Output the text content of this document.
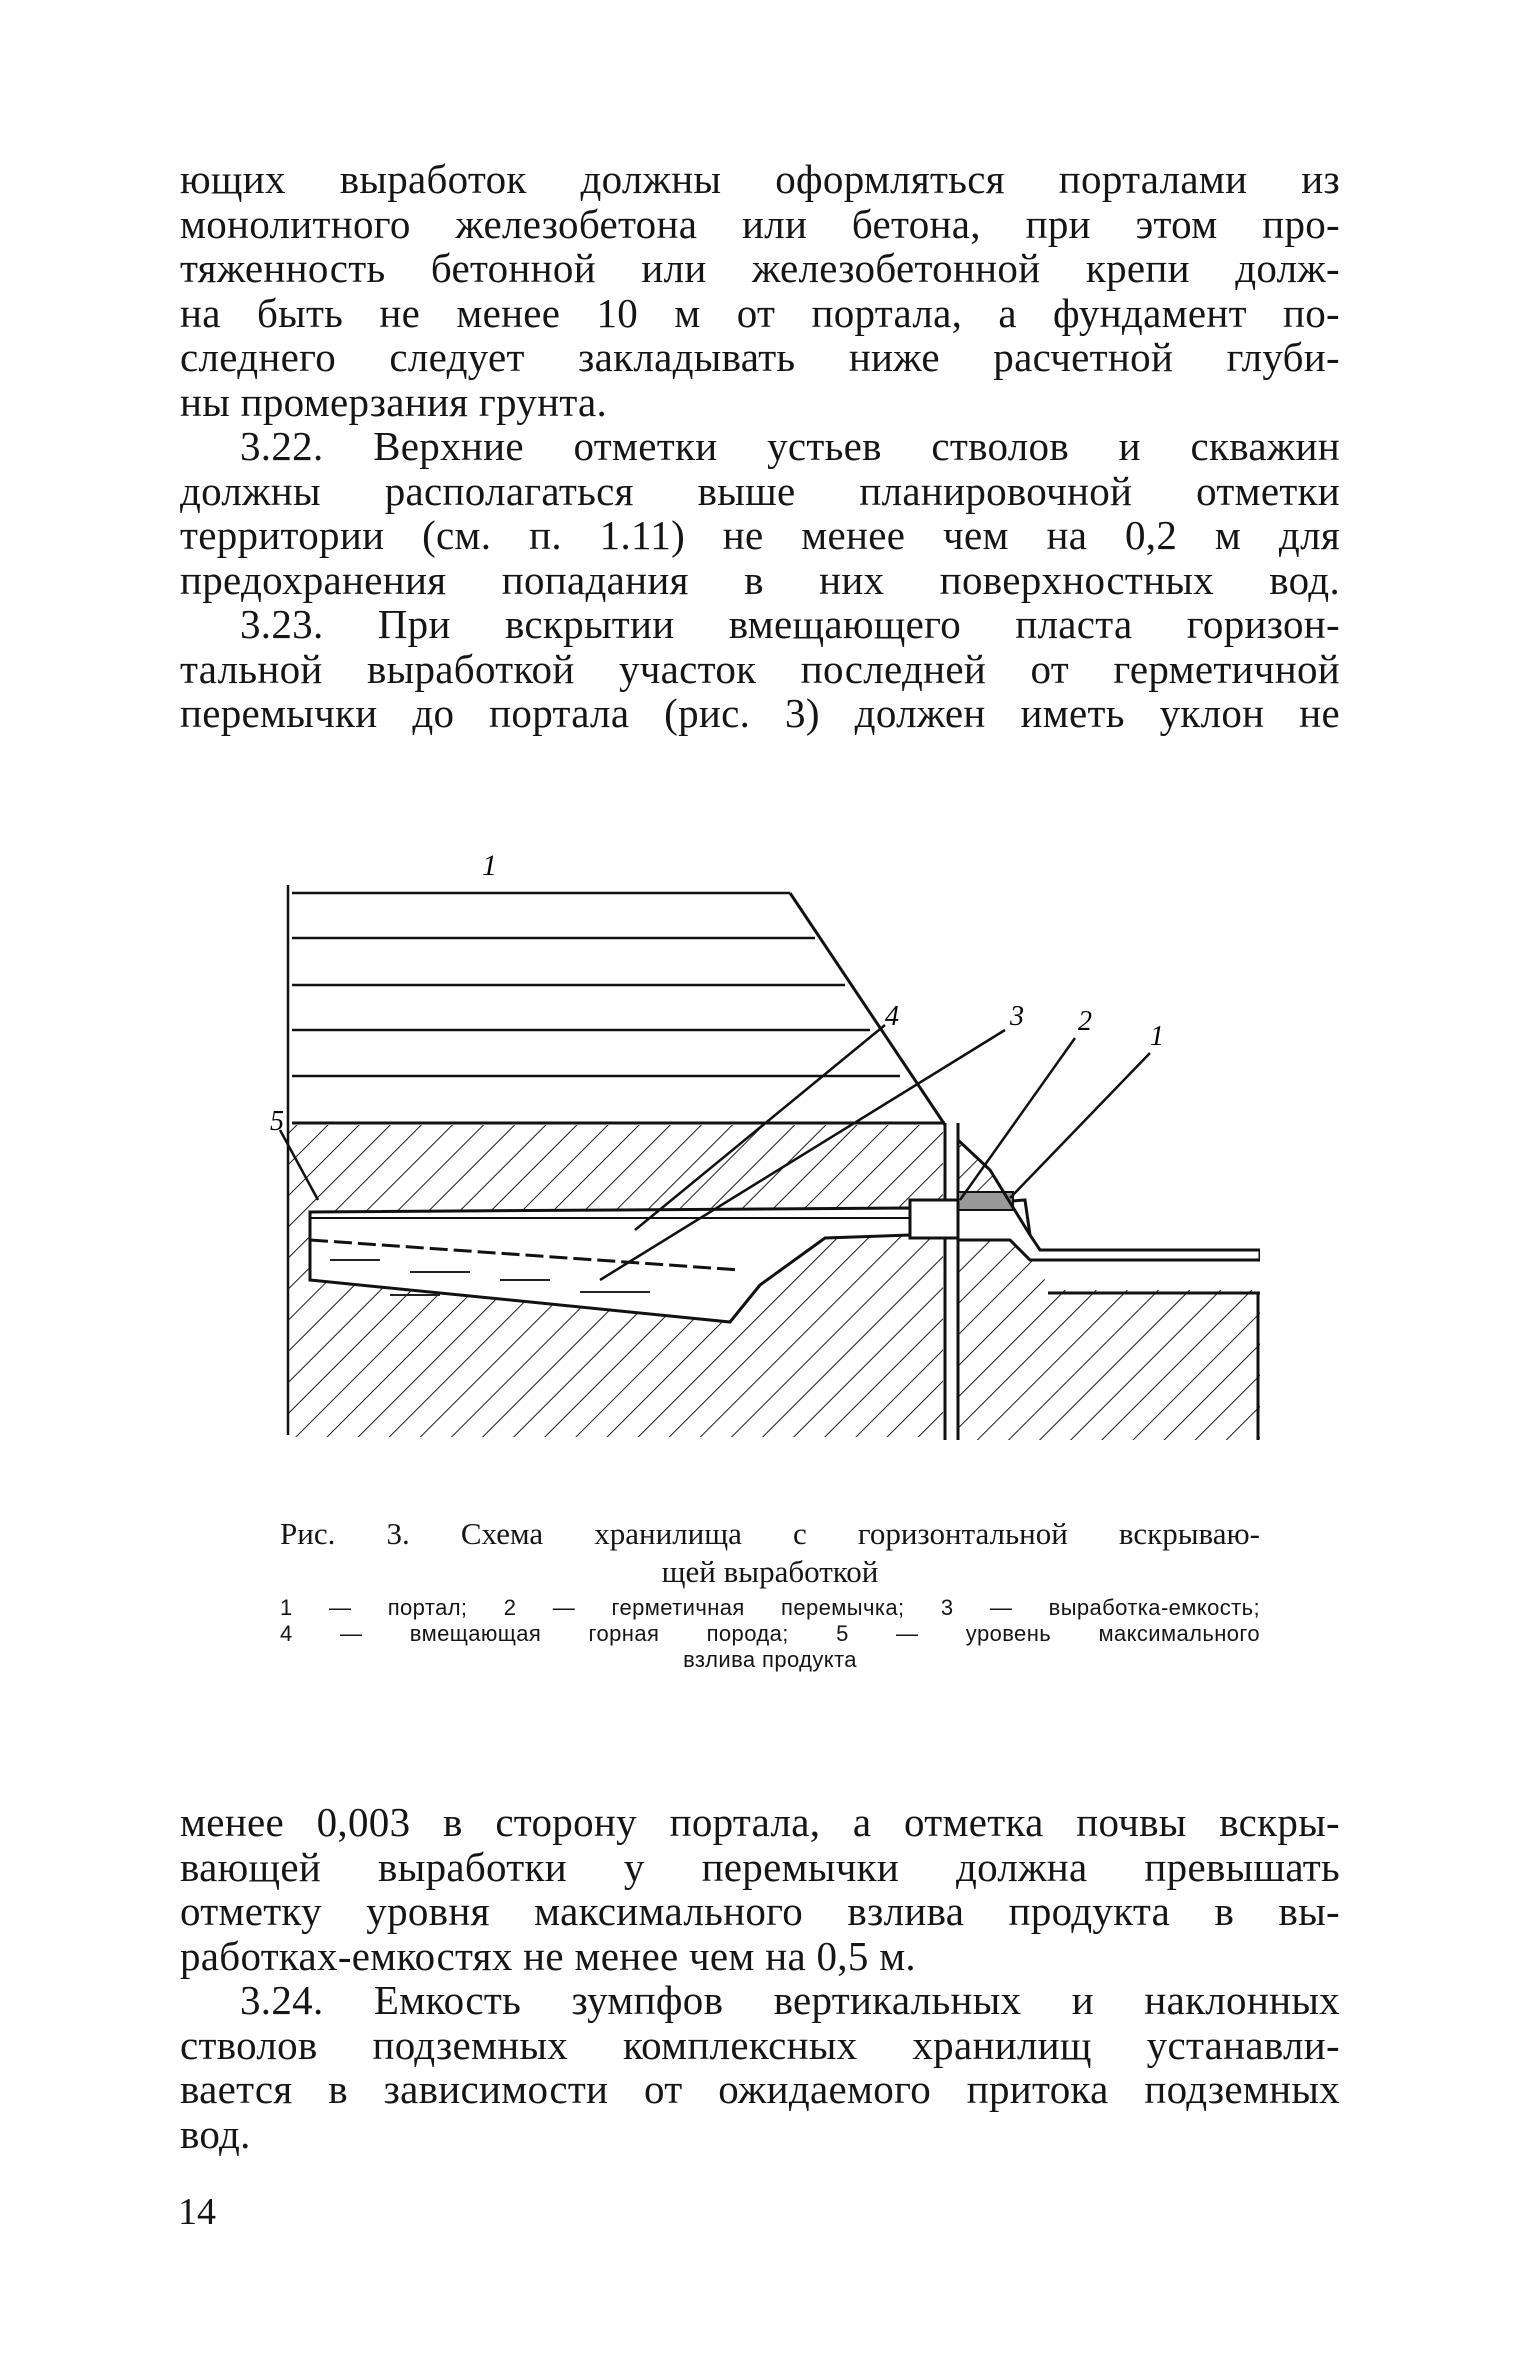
ющих выработок должны оформляться порталами из
монолитного железобетона или бетона, при этом про-
тяженность бетонной или железобетонной крепи долж-
на быть не менее 10 м от портала, а фундамент по-
следнего следует закладывать ниже расчетной глуби-
ны промерзания грунта.
3.22. Верхние отметки устьев стволов и скважин
должны располагаться выше планировочной отметки
территории (см. п. 1.11) не менее чем на 0,2 м для
предохранения попадания в них поверхностных вод.
3.23. При вскрытии вмещающего пласта горизон-
тальной выработкой участок последней от герметичной
перемычки до портала (рис. 3) должен иметь уклон не
1
4	3 2 1
5
Рис. 3. Схема хранилища с горизонтальной вскрываю-
щей выработкой
1 — портал; 2 — герметичная перемычка; 3 — выработка-емкость;
4 — вмещающая горная порода; 5 — уровень максимального
взлива продукта
менее 0,003 в сторону портала, а отметка почвы вскры-
вающей выработки у перемычки должна превышать
отметку уровня максимального взлива продукта в вы-
работках-емкостях не менее чем на 0,5 м.
3.24. Емкость зумпфов вертикальных и наклонных
стволов подземных комплексных хранилищ устанавли-
вается в зависимости от ожидаемого притока подземных
вод.
14
